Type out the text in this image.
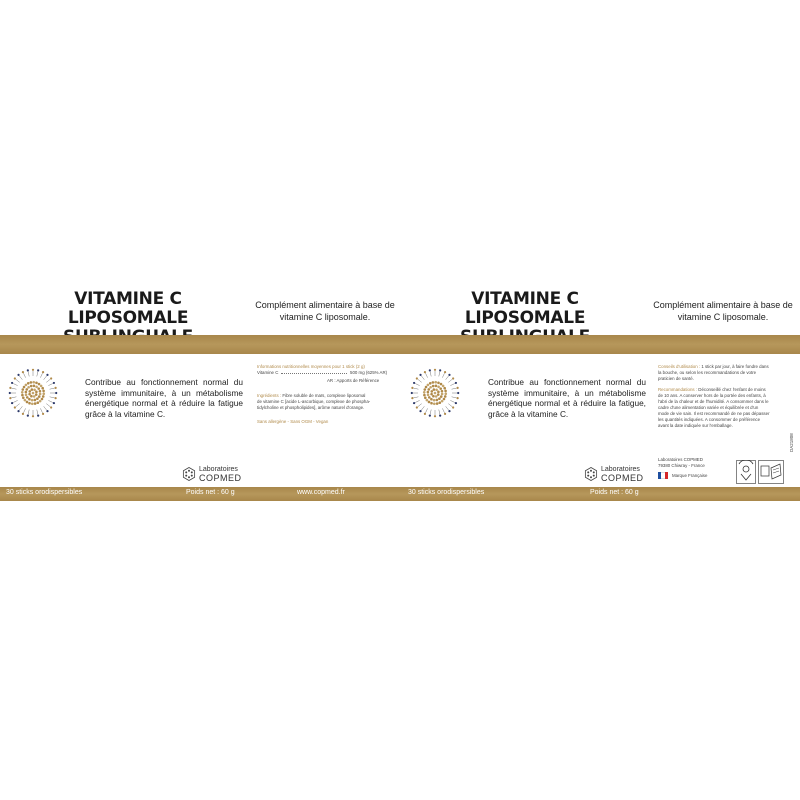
VITAMINE C LIPOSOMALE
Complément alimentaire à base de
vitamine C liposomale.
VITAMINE C LIPOSOMALE
Complément alimentaire à base de
vitamine C liposomale.
30 sticks orodispersibles	Poids net : 60 g	www.copmed.fr	30 sticks orodispersibles	Poids net : 60 g
Contribue au fonctionnement normal du système immunitaire, à un métabolisme énergétique normal et à réduire la fatigue grâce à la vitamine C.
Contribue au fonctionnement normal du système immunitaire, à un métabolisme énergétique normal et à réduire la fatigue, grâce à la vitamine C.
Informations nutritionnelles moyennes pour 1 stick (2 g)
Vitamine C	500 mg (625% AR)
AR : Apports de Référence
Ingrédients : Fibre soluble de maïs, complexe liposomal
de vitamine C [acide L-ascorbique, complexe de phospha-
tidylcholine et phospholipides], arôme naturel d'orange.
Sans allergène - Sans OGM - Vegan
Conseils d'utilisation : 1 stick par jour, à faire fondre dans
la bouche, ou selon les recommandations de votre
praticien de santé.
Recommandations : Déconseillé chez l'enfant de moins
de 10 ans. A conserver hors de la portée des enfants, à
l'abri de la chaleur et de l'humidité. A consommer dans le
cadre d'une alimentation variée et équilibrée et d'un
mode de vie sain. Il est recommandé de ne pas dépasser
les quantités indiquées. A consommer de préférence
avant la date indiquée sur l'emballage.
DA21808
Laboratoires COPMED
79380 Chiwray - France
Marque Française
Laboratoires
COPMED
Laboratoires
COPMED
